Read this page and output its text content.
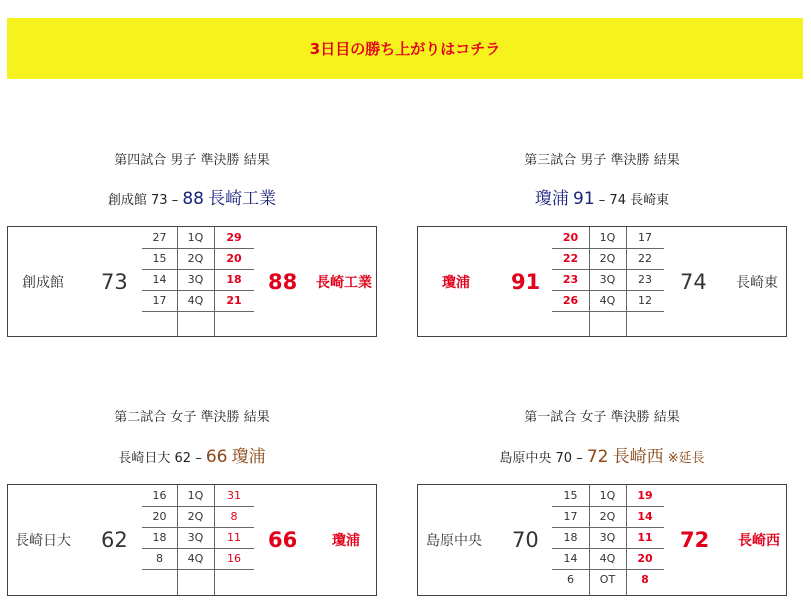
3日目の勝ち上がりはコチラ
第四試合 男子 準決勝 結果
創成館 73 – 88 長崎工業
創成館 73
27	1Q	29
15	2Q	20
14	3Q	18
17	4Q	21
88 長崎工業
第三試合 男子 準決勝 結果
瓊浦 91 – 74 長崎東
瓊浦 91
20	1Q	17
22	2Q	22
23	3Q	23
26	4Q	12
74 長崎東
第二試合 女子 準決勝 結果
長崎日大 62 – 66 瓊浦
長崎日大 62
16	1Q	31
20	2Q	8
18	3Q	11
8	4Q	16
66 瓊浦
第一試合 女子 準決勝 結果
島原中央 70 – 72 長崎西 ※延長
島原中央 70
15	1Q	19
17	2Q	14
18	3Q	11
14	4Q	20
6	OT	8
72 長崎西
